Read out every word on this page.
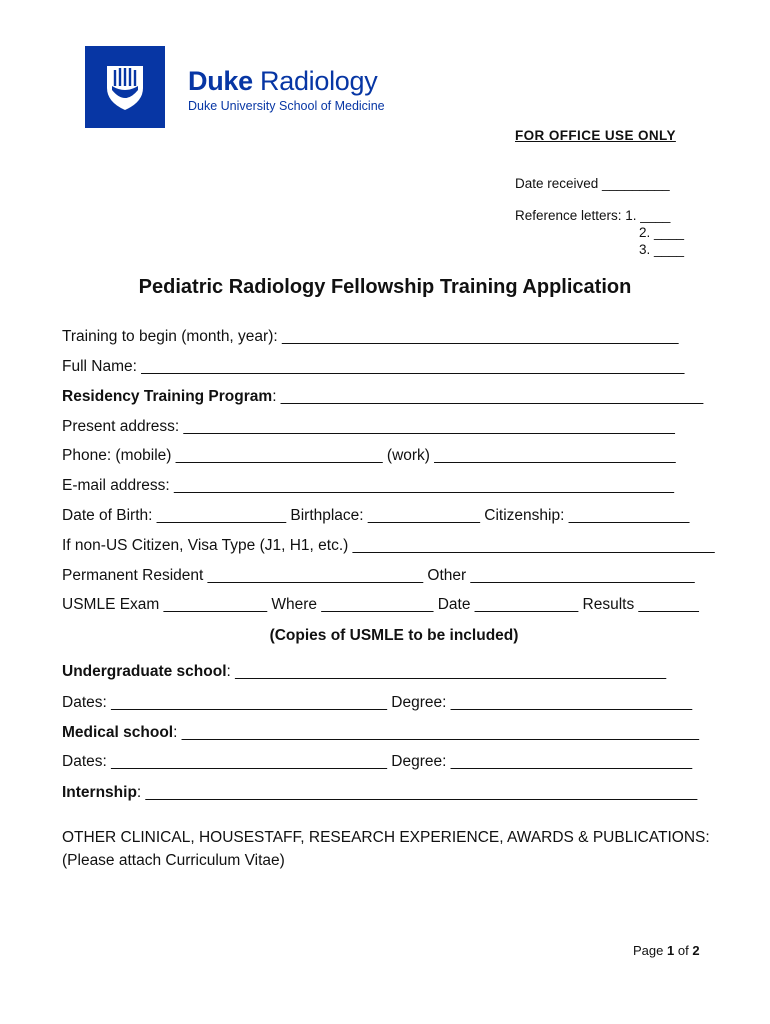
Duke Radiology
Duke University School of Medicine
FOR OFFICE USE ONLY
Date received _________
Reference letters: 1. ____
2. ____
3. ____
Pediatric Radiology Fellowship Training Application
Training to begin (month, year): ______________________________________________
Full Name: _______________________________________________________________
Residency Training Program: _________________________________________________
Present address: _________________________________________________________
Phone: (mobile) ________________________ (work) ____________________________
E-mail address: __________________________________________________________
Date of Birth: _______________ Birthplace: _____________ Citizenship: ______________
If non-US Citizen, Visa Type (J1, H1, etc.) __________________________________________
Permanent Resident _________________________ Other __________________________
USMLE Exam ____________ Where _____________ Date ____________ Results _______
(Copies of USMLE to be included)
Undergraduate school: __________________________________________________
Dates: ________________________________ Degree: ____________________________
Medical school: ____________________________________________________________
Dates: ________________________________ Degree: ____________________________
Internship: ________________________________________________________________
OTHER CLINICAL, HOUSESTAFF, RESEARCH EXPERIENCE, AWARDS & PUBLICATIONS:
(Please attach Curriculum Vitae)
Page 1 of 2
